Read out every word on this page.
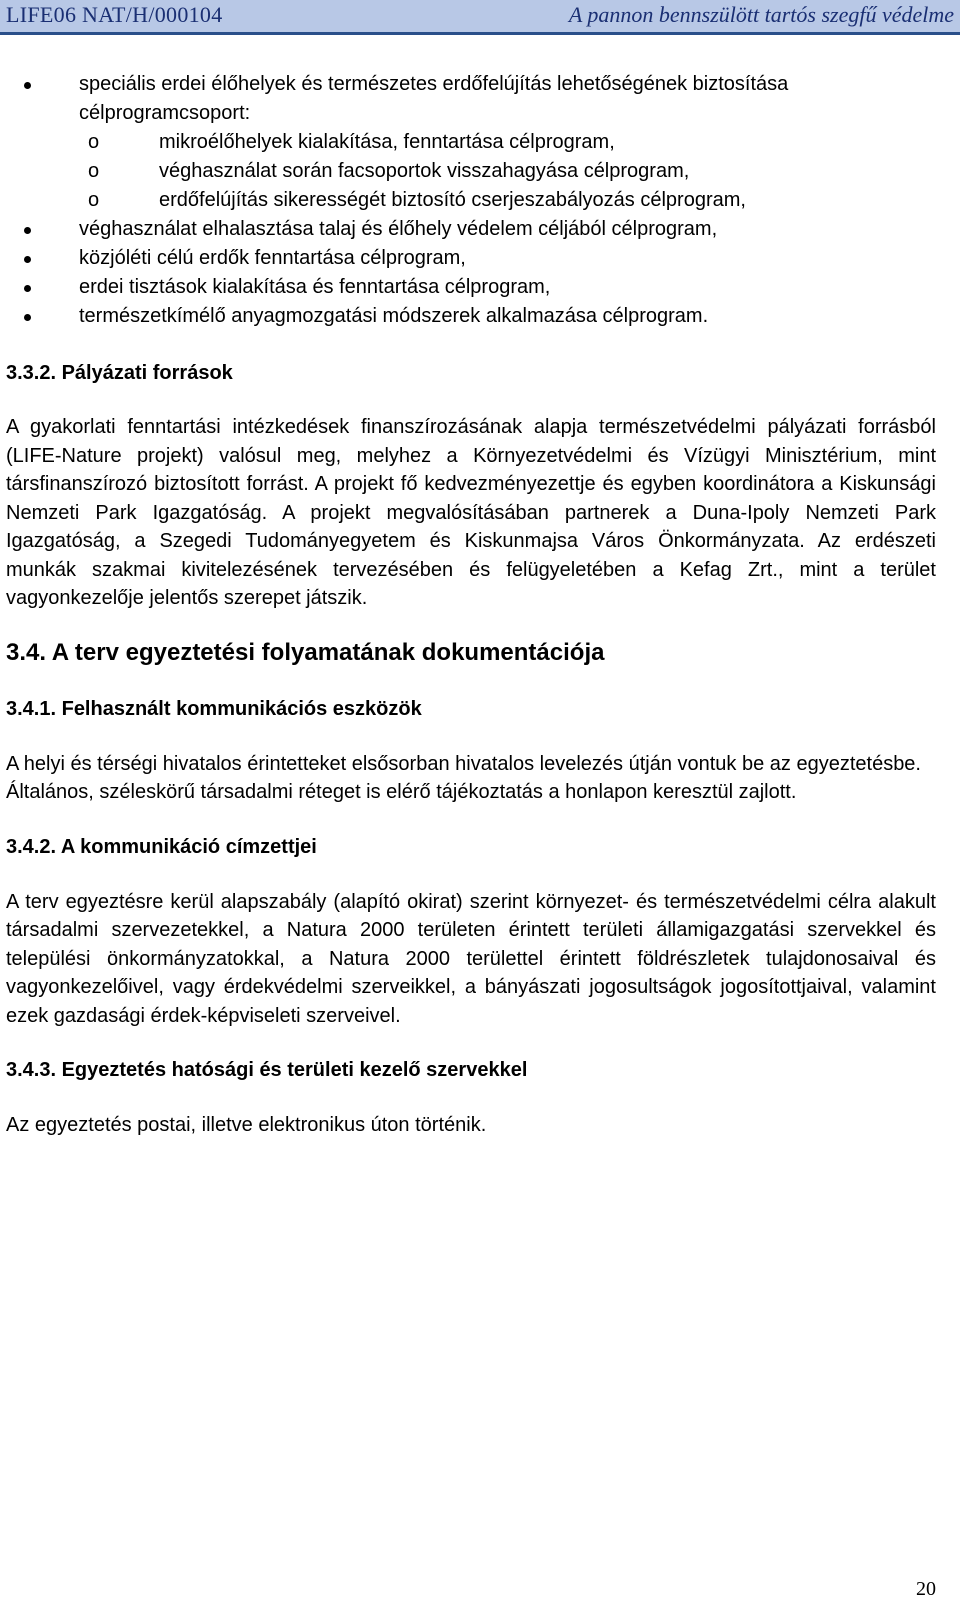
LIFE06 NAT/H/000104	A pannon bennszülött tartós szegfű védelme
speciális erdei élőhelyek és természetes erdőfelújítás lehetőségének biztosítása
célprogramcsoport:
o	mikroélőhelyek kialakítása, fenntartása célprogram,
o	véghasználat során facsoportok visszahagyása célprogram,
o	erdőfelújítás sikerességét biztosító cserjeszabályozás célprogram,
véghasználat elhalasztása talaj és élőhely védelem céljából célprogram,
közjóléti célú erdők fenntartása célprogram,
erdei tisztások kialakítása és fenntartása célprogram,
természetkímélő anyagmozgatási módszerek alkalmazása célprogram.
3.3.2. Pályázati források

A gyakorlati fenntartási intézkedések finanszírozásának alapja természetvédelmi pályázati forrásból (LIFE-Nature projekt) valósul meg, melyhez a Környezetvédelmi és Vízügyi Minisztérium, mint társfinanszírozó biztosított forrást. A projekt fő kedvezményezettje és egyben koordinátora a Kiskunsági Nemzeti Park Igazgatóság. A projekt megvalósításában partnerek a Duna-Ipoly Nemzeti Park Igazgatóság, a Szegedi Tudományegyetem és Kiskunmajsa Város Önkormányzata. Az erdészeti munkák szakmai kivitelezésének tervezésében és felügyeletében a Kefag Zrt., mint a terület vagyonkezelője jelentős szerepet játszik.

3.4. A terv egyeztetési folyamatának dokumentációja
3.4.1. Felhasznált kommunikációs eszközök

A helyi és térségi hivatalos érintetteket elsősorban hivatalos levelezés útján vontuk be az egyeztetésbe.

Általános, széleskörű társadalmi réteget is elérő tájékoztatás a honlapon keresztül zajlott.

3.4.2. A kommunikáció címzettjei

A terv egyeztésre kerül alapszabály (alapító okirat) szerint környezet- és természetvédelmi célra alakult társadalmi szervezetekkel, a Natura 2000 területen érintett területi államigazgatási szervekkel és települési önkormányzatokkal, a Natura 2000 területtel érintett földrészletek tulajdonosaival és vagyonkezelőivel, vagy érdekvédelmi szerveikkel, a bányászati jogosultságok jogosítottjaival, valamint ezek gazdasági érdek-képviseleti szerveivel.

3.4.3. Egyeztetés hatósági és területi kezelő szervekkel

Az egyeztetés postai, illetve elektronikus úton történik.

20
